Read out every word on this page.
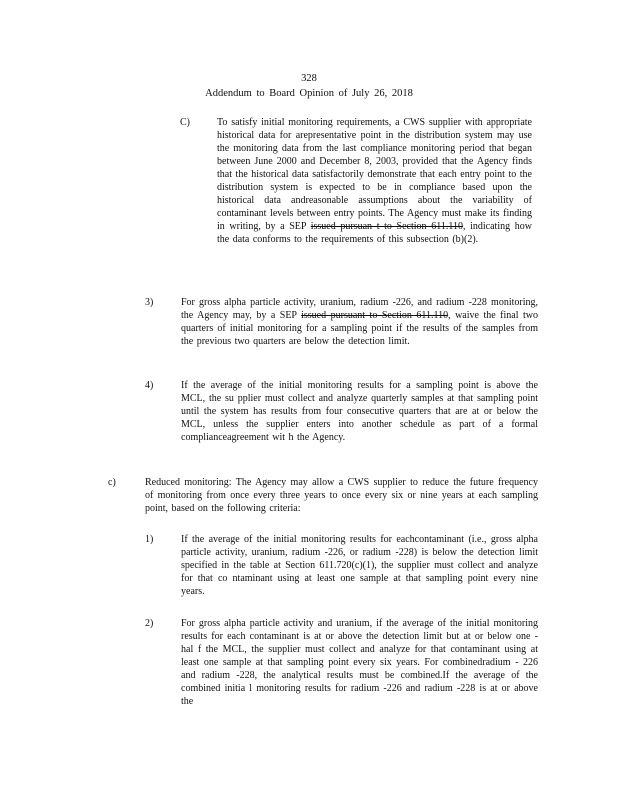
328
Addendum to Board Opinion of July 26, 2018
C)	To satisfy initial monitoring requirements, a CWS supplier with appropriate historical data for arepresentative point in the distribution system may use the monitoring data from the last compliance monitoring period that began between June 2000 and December 8, 2003, provided that the Agency finds that the historical data satisfactorily demonstrate that each entry point to the distribution system is expected to be in compliance based upon the historical data andreasonable assumptions about the variability of contaminant levels between entry points. The Agency must make its finding in writing, by a SEP issued pursuan t to Section 611.110, indicating how the data conforms to the requirements of this subsection (b)(2).
3)	For gross alpha particle activity, uranium, radium -226, and radium -228 monitoring, the Agency may, by a SEP issued pursuant to Section 611.110, waive the final two quarters of initial monitoring for a sampling point if the results of the samples from the previous two quarters are below the detection limit.
4)	If the average of the initial monitoring results for a sampling point is above the MCL, the su pplier must collect and analyze quarterly samples at that sampling point until the system has results from four consecutive quarters that are at or below the MCL, unless the supplier enters into another schedule as part of a formal complianceagreement wit h the Agency.
c)	Reduced monitoring: The Agency may allow a CWS supplier to reduce the future frequency of monitoring from once every three years to once every six or nine years at each sampling point, based on the following criteria:
1)	If the average of the initial monitoring results for eachcontaminant (i.e., gross alpha particle activity, uranium, radium -226, or radium -228) is below the detection limit specified in the table at Section 611.720(c)(1), the supplier must collect and analyze for that co ntaminant using at least one sample at that sampling point every nine years.
2)	For gross alpha particle activity and uranium, if the average of the initial monitoring results for each contaminant is at or above the detection limit but at or below one -hal f the MCL, the supplier must collect and analyze for that contaminant using at least one sample at that sampling point every six years. For combinedradium - 226 and radium -228, the analytical results must be combined.If the average of the combined initia l monitoring results for radium -226 and radium -228 is at or above the
